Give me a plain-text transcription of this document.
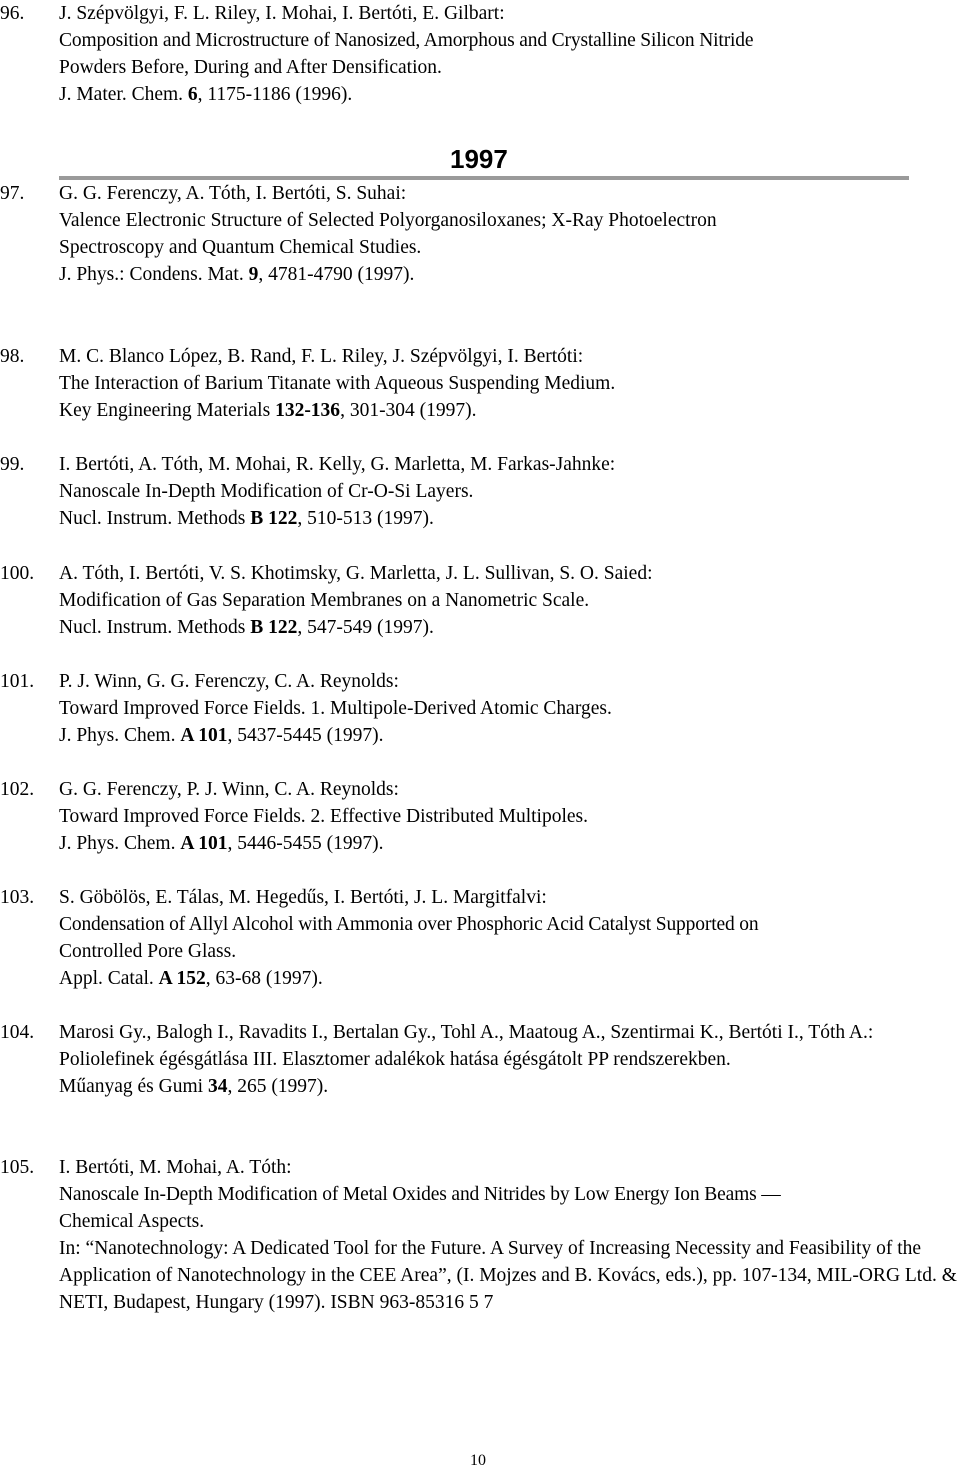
96. J. Szépvölgyi, F. L. Riley, I. Mohai, I. Bertóti, E. Gilbart:
Composition and Microstructure of Nanosized, Amorphous and Crystalline Silicon Nitride
Powders Before, During and After Densification.
J. Mater. Chem. 6, 1175-1186 (1996).
1997
97. G. G. Ferenczy, A. Tóth, I. Bertóti, S. Suhai:
Valence Electronic Structure of Selected Polyorganosiloxanes; X-Ray Photoelectron
Spectroscopy and Quantum Chemical Studies.
J. Phys.: Condens. Mat. 9, 4781-4790 (1997).
98. M. C. Blanco López, B. Rand, F. L. Riley, J. Szépvölgyi, I. Bertóti:
The Interaction of Barium Titanate with Aqueous Suspending Medium.
Key Engineering Materials 132-136, 301-304 (1997).
99. I. Bertóti, A. Tóth, M. Mohai, R. Kelly, G. Marletta, M. Farkas-Jahnke:
Nanoscale In-Depth Modification of Cr-O-Si Layers.
Nucl. Instrum. Methods B 122, 510-513 (1997).
100. A. Tóth, I. Bertóti, V. S. Khotimsky, G. Marletta, J. L. Sullivan, S. O. Saied:
Modification of Gas Separation Membranes on a Nanometric Scale.
Nucl. Instrum. Methods B 122, 547-549 (1997).
101. P. J. Winn, G. G. Ferenczy, C. A. Reynolds:
Toward Improved Force Fields. 1. Multipole-Derived Atomic Charges.
J. Phys. Chem. A 101, 5437-5445 (1997).
102. G. G. Ferenczy, P. J. Winn, C. A. Reynolds:
Toward Improved Force Fields. 2. Effective Distributed Multipoles.
J. Phys. Chem. A 101, 5446-5455 (1997).
103. S. Göbölös, E. Tálas, M. Hegedűs, I. Bertóti, J. L. Margitfalvi:
Condensation of Allyl Alcohol with Ammonia over Phosphoric Acid Catalyst Supported on
Controlled Pore Glass.
Appl. Catal. A 152, 63-68 (1997).
104. Marosi Gy., Balogh I., Ravadits I., Bertalan Gy., Tohl A., Maatoug A., Szentirmai K., Bertóti I., Tóth A.:
Poliolefinek égésgátlása III. Elasztomer adalékok hatása égésgátolt PP rendszerekben.
Műanyag és Gumi 34, 265 (1997).
105. I. Bertóti, M. Mohai, A. Tóth:
Nanoscale In-Depth Modification of Metal Oxides and Nitrides by Low Energy Ion Beams —
Chemical Aspects.
In: “Nanotechnology: A Dedicated Tool for the Future. A Survey of Increasing Necessity and Feasibility of the Application of Nanotechnology in the CEE Area”, (I. Mojzes and B. Kovács, eds.), pp. 107-134, MIL-ORG Ltd. & NETI, Budapest, Hungary (1997). ISBN 963-85316 5 7
10
